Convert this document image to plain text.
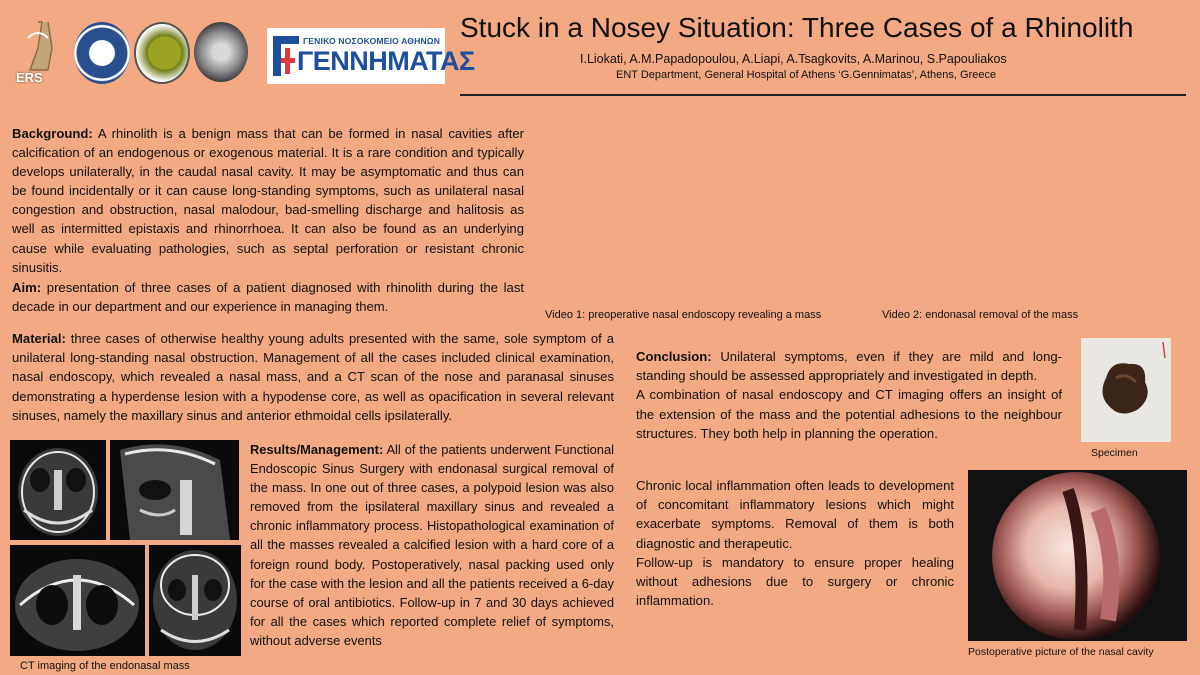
ERS
ΓΕΝΙΚΟ ΝΟΣΟΚΟΜΕΙΟ ΑΘΗΝΩΝ
ΓΕΝΝΗΜΑΤΑΣ
Stuck in a Nosey Situation: Three Cases of a Rhinolith
I.Liokati, A.M.Papadopoulou, A.Liapi, A.Tsagkovits, A.Marinou, S.Papouliakos
ENT Department, General Hospital of Athens ‘G.Gennimatas’, Athens, Greece
Background: A rhinolith is a benign mass that can be formed in nasal cavities after calcification of an endogenous or exogenous material. It is a rare condition and typically develops unilaterally, in the caudal nasal cavity. It may be asymptomatic and thus can be found incidentally or it can cause long-standing symptoms, such as unilateral nasal congestion and obstruction, nasal malodour, bad-smelling discharge and halitosis as well as intermitted epistaxis and rhinorrhoea. It can also be found as an underlying cause while evaluating pathologies, such as septal perforation or resistant chronic sinusitis.
Aim: presentation of three cases of a patient diagnosed with rhinolith during the last decade in our department and our experience in managing them.
Video 1: preoperative nasal endoscopy revealing a mass	Video 2: endonasal removal of the mass
Material: three cases of otherwise healthy young adults presented with the same, sole symptom of a unilateral long-standing nasal obstruction. Management of all the cases included clinical examination, nasal endoscopy, which revealed a nasal mass, and a CT scan of the nose and paranasal sinuses demonstrating a hyperdense lesion with a hypodense core, as well as opacification in several relevant sinuses, namely the maxillary sinus and anterior ethmoidal cells ipsilaterally.
CT imaging of the endonasal mass
Results/Management: All of the patients underwent Functional Endoscopic Sinus Surgery with endonasal surgical removal of the mass. In one out of three cases, a polypoid lesion was also removed from the ipsilateral maxillary sinus and revealed a chronic inflammatory process. Histopathological examination of all the masses revealed a calcified lesion with a hard core of a foreign round body. Postoperatively, nasal packing used only for the case with the lesion and all the patients received a 6-day course of oral antibiotics. Follow-up in 7 and 30 days achieved for all the cases which reported complete relief of symptoms, without adverse events

Conclusion: Unilateral symptoms, even if they are mild and long-standing should be assessed appropriately and investigated in depth.

A combination of nasal endoscopy and CT imaging offers an insight of the extension of the mass and the potential adhesions to the neighbour structures. They both help in planning the operation.

Chronic local inflammation often leads to development of concomitant inflammatory lesions which might exacerbate symptoms. Removal of them is both diagnostic and therapeutic.

Follow-up is mandatory to ensure proper healing without adhesions due to surgery or chronic inflammation.

Specimen
Postoperative picture of the nasal cavity
